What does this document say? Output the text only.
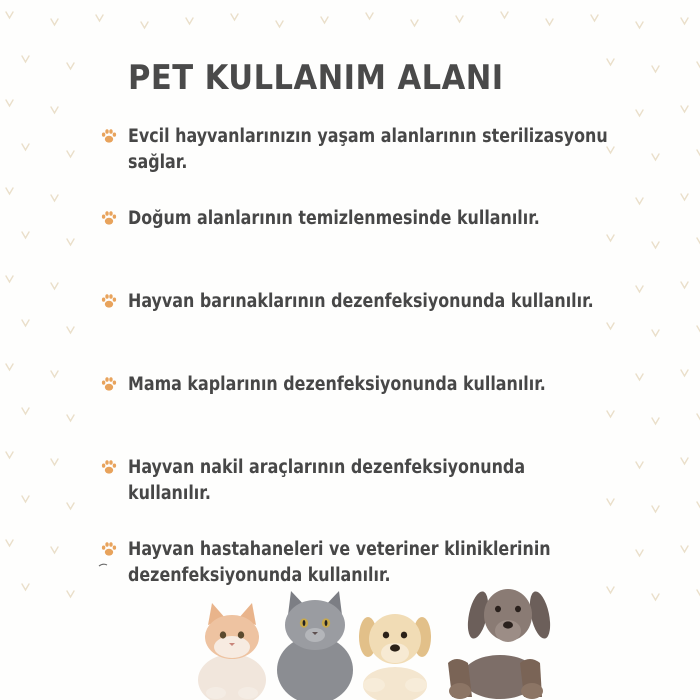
PET KULLANIM ALANI

Evcil hayvanlarınızın yaşam alanlarının sterilizasyonu sağlar.

Doğum alanlarının temizlenmesinde kullanılır.

Hayvan barınaklarının dezenfeksiyonunda kullanılır.

Mama kaplarının dezenfeksiyonunda kullanılır.

Hayvan nakil araçlarının dezenfeksiyonunda kullanılır.

Hayvan hastahaneleri ve veteriner kliniklerinin dezenfeksiyonunda kullanılır.
